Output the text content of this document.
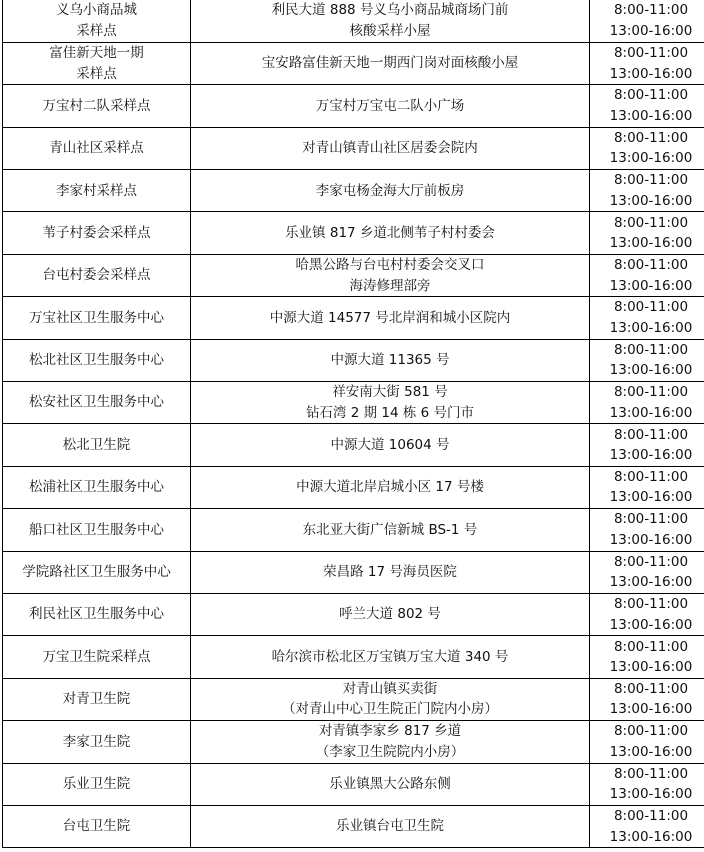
义乌小商品城
采样点	利民大道 888 号义乌小商品城商场门前
核酸采样小屋	8:00-11:00
13:00-16:00

富佳新天地一期
采样点	宝安路富佳新天地一期西门岗对面核酸小屋	8:00-11:00
13:00-16:00

万宝村二队采样点	万宝村万宝屯二队小广场	8:00-11:00
13:00-16:00

青山社区采样点	对青山镇青山社区居委会院内	8:00-11:00
13:00-16:00

李家村采样点	李家屯杨金海大厅前板房	8:00-11:00
13:00-16:00

苇子村委会采样点	乐业镇 817 乡道北侧苇子村村委会	8:00-11:00
13:00-16:00

台屯村委会采样点	哈黑公路与台屯村村委会交叉口
海涛修理部旁	8:00-11:00
13:00-16:00

万宝社区卫生服务中心	中源大道 14577 号北岸润和城小区院内	8:00-11:00
13:00-16:00

松北社区卫生服务中心	中源大道 11365 号	8:00-11:00
13:00-16:00

松安社区卫生服务中心	祥安南大街 581 号
钻石湾 2 期 14 栋 6 号门市	8:00-11:00
13:00-16:00

松北卫生院	中源大道 10604 号	8:00-11:00
13:00-16:00

松浦社区卫生服务中心	中源大道北岸启城小区 17 号楼	8:00-11:00
13:00-16:00

船口社区卫生服务中心	东北亚大街广信新城 BS-1 号	8:00-11:00
13:00-16:00

学院路社区卫生服务中心	荣昌路 17 号海员医院	8:00-11:00
13:00-16:00

利民社区卫生服务中心	呼兰大道 802 号	8:00-11:00
13:00-16:00

万宝卫生院采样点	哈尔滨市松北区万宝镇万宝大道 340 号	8:00-11:00
13:00-16:00

对青卫生院	对青山镇买卖街
（对青山中心卫生院正门院内小房）	8:00-11:00
13:00-16:00

李家卫生院	对青镇李家乡 817 乡道
（李家卫生院院内小房）	8:00-11:00
13:00-16:00

乐业卫生院	乐业镇黑大公路东侧	8:00-11:00
13:00-16:00

台屯卫生院	乐业镇台屯卫生院	8:00-11:00
13:00-16:00
